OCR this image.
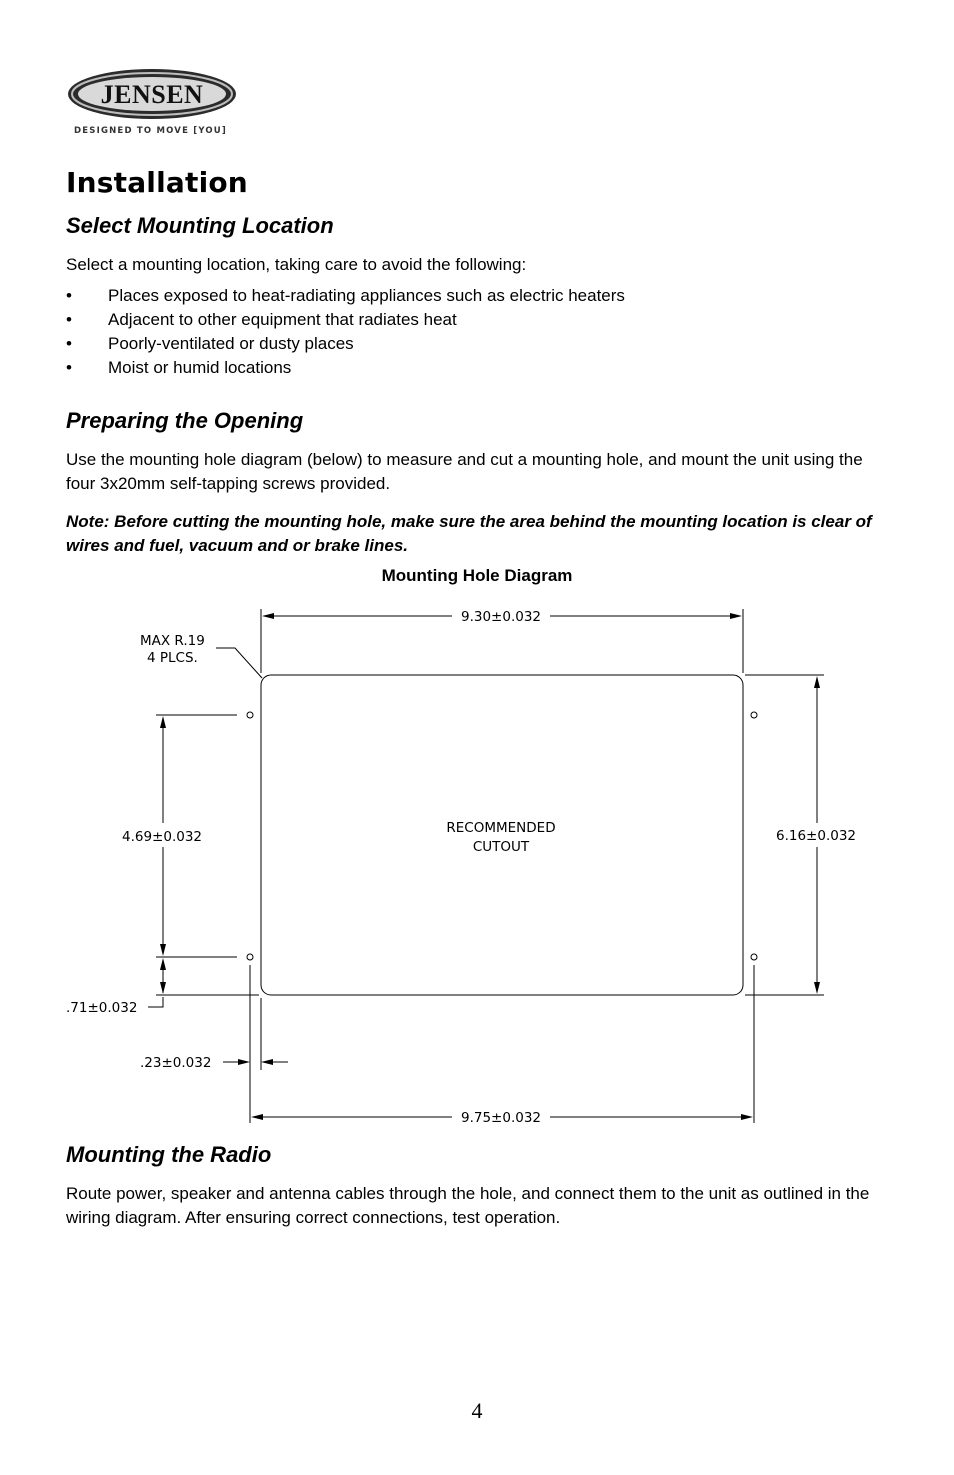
JENSEN
DESIGNED TO MOVE [YOU]
Installation
Select Mounting Location

Select a mounting location, taking care to avoid the following:

• Places exposed to heat-radiating appliances such as electric heaters
• Adjacent to other equipment that radiates heat
• Poorly-ventilated or dusty places
• Moist or humid locations
Preparing the Opening

Use the mounting hole diagram (below) to measure and cut a mounting hole, and mount the unit using the four 3x20mm self-tapping screws provided.

Note: Before cutting the mounting hole, make sure the area behind the mounting location is clear of wires and fuel, vacuum and or brake lines.

Mounting Hole Diagram
MAX R.19
4 PLCS.
9.30±0.032
9.75±0.032
4.69±0.032	6.16±0.032
.71±0.032
.23±0.032
RECOMMENDED
CUTOUT
Mounting the Radio

Route power, speaker and antenna cables through the hole, and connect them to the unit as outlined in the wiring diagram. After ensuring correct connections, test operation.

4
